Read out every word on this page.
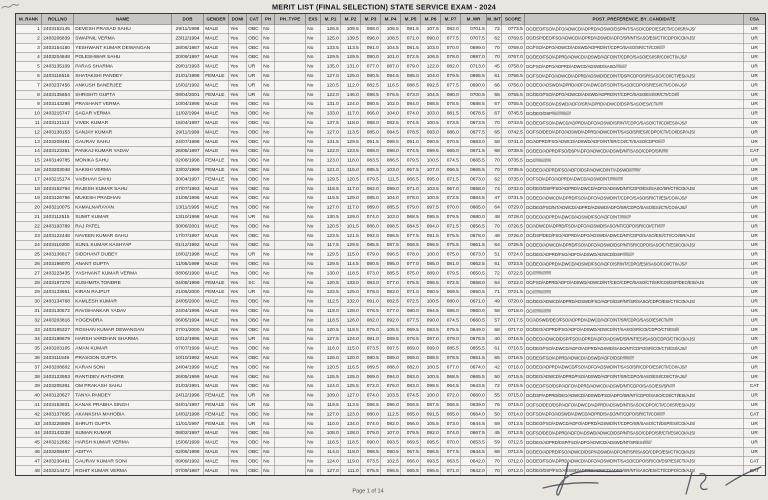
MERIT LIST (FINAL SELECTION) STATE SERVICE EXAM - 2024
M_RANK	ROLLNO	NAME	DOB	GENDER	DOMI	CAT	PH	PH_TYPE	EXS	M_P1	M_P2	M_P3	M_P4	M_P5	M_P6	M_P7	M_WR	M_INT	SCORE	POST_PREFERENCE_BY_CANDIDATE	CSA
1	2403152145	DEVESH PRASAD SAHU	29/11/1998	MALE	Yes	OBC	No		No	126.5	109.5	088.0	106.5	081.5	107.5	082.0	0701.5	72	0773.5	DC/DEO/FSO/ADFO/ADWCD/ADPRD/ADSWO/DSP/NT/SASO/CDPO/ESI/CTI/COI/SR/AJS/	UR
2	2403206839	SWAPNIL VERMA	23/12/1994	MALE	Yes	OBC	No		No	125.0	139.5	096.0	108.5	071.0	090.0	077.5	0707.5	62	0769.5	DC/DSP/DEO/FSO/ADWCD/ADPRD/ADSWD/ADFO/SR/NT/SASO/ESI/CTI/CDPO/COI/AJS/	UR
3	2403154180	YESHWANT KUMAR DEWANGAN	28/06/1987	MALE	Yes	OBC	No		No	133.5	113.5	091.0	104.5	081.5	103.0	070.0	0699.0	70	0769.0	DC/FSO/ADFO/ADWCD/ADSWD/ADPRD/NT/CDPO/SASO/SR/CTI/COI//////	UR
4	2403204848	POLESHWAR SAHU	20/09/1997	MALE	Yes	OBC	No		No	129.5	129.5	080.0	101.0	072.5	106.5	078.0	0697.0	70	0767.0	DC/DEO/FSO/ADPRD/ADWCD/ADSWD/ADFO/NT/CDPO/SASO/ESI/SR/COI/CTI/AJS//	UR
5	2403135109	PARAS SHARMA	29/01/1993	MALE	Yes	UR	No		No	135.0	131.0	077.0	087.0	079.0	122.0	082.0	0713.0	45	0758.0	DC/FSO/ADFO/ADPRD/ADWCD/ADSWD/SASO//////////	UR
6	2403116516	SHATAKSHI PANDEY	21/01/1998	FEMALE	Yes	UR	No		No	127.0	125.0	080.5	094.5	085.0	104.0	079.5	0695.5	61	0756.5	DC/FSO/ADFO/ADWCD/ADPRD/ADSWD/DEO/NT/DSP/CDPO/SR/SASO/COI/CTI/ESI/AJS/	UR
7	2403237456	ANKUSH BANERJEE	15/02/1992	MALE	Yes	UR	No		No	120.5	112.0	082.5	116.5	088.5	092.5	077.5	0690.0	66	0756.0	DC/DEO/ADSWD/ADPRD/ADFO/ADWCD/FSO/NT/SASO/CDPO/SR/ESI/CTI/COI/AJS//	UR
8	2403135654	SHRISHTI GUPTA	09/04/2001	FEMALE	Yes	UR	No		No	122.0	146.0	098.5	076.5	073.0	104.5	080.0	0700.5	55	0755.5	DC/DEO/FSO/ADFO/ADWCD/ADSWD/ADPRD/NT/CDPO/SASO/ESI/SR/CTI/COI///	UR
9	2403143298	PRASHANT VERMA	10/04/1998	MALE	Yes	OBC	No		No	131.0	124.0	080.5	102.0	084.0	088.5	078.5	0688.5	67	0755.5	DC/DEO/FSO/ADSWD/ADFO/SR/ADPRD/ADWCD/DSP/SASO/ESI/CTI/////	UR
10	2403215747	SAGAR VERMA	11/02/1994	MALE	Yes	OBC	No		No	133.0	117.0	066.0	104.0	074.0	103.0	081.5	0678.5	67	0745.5	DC/DEO/DSP/////////////////	UR
11	2403121113	VIVEK KUMAR	15/04/1997	MALE	Yes	OBC	No		No	137.5	118.0	088.0	082.5	074.5	100.5	073.5	0673.5	70	0743.5	DC/DEO/FSO/ADWCD/ADPRD/ADFO/ADSWD/SR/NT/CDPO/SASO/CTI/COI/ESI/AJS//	UR
12	2403138153	SANJAY KUMAR	29/11/1999	MALE	Yes	OBC	No		No	127.0	113.5	085.0	094.5	078.5	093.0	086.0	0677.5	65	0742.5	DC/FSO/DEO/ADFO/ADSWD/ADPRD/ADWCD/NT/SASO/SR/ESI/CDPO/CTI/COI/DSP/AJS/	UR
13	2403208491	GAURAV SAHU	24/07/1998	MALE	Yes	OBC	No		No	131.5	129.5	091.5	098.5	091.0	090.5	070.5	0683.0	58	0741.0	DC/ADPRD/FSO/ADWCD/ADSWD/ADFO/NT/SR/COI/CTI/SASO/CDPO//////	UR
14	2403123351	PANKAJ KUMAR YADAV	26/05/1997	MALE	Yes	OBC	No		No	122.0	123.5	089.0	098.0	074.5	099.5	065.0	0671.5	68	0739.5	DC/DEO/ADPRD/FSO/DSP/ADFO/ADWCD/ADSWD/NT/SASO/CDPO/SR//////	CAT
15	2403149785	MONIKA SAHU	02/08/1998	FEMALE	Yes	OBC	No		No	123.0	118.0	083.5	086.5	079.5	100.5	074.5	0665.5	70	0735.5	DC/////////////////	UR
16	2403203048	SAKSHI VERMA	23/02/1999	FEMALE	Yes	OBC	No		No	121.0	115.0	085.5	103.0	067.5	107.0	066.5	0665.5	70	0735.5	DC/DEO/ADPRD/FSO/ADFO/DSP/ADWCD/NT/ADSWD//////////	UR
17	2403215174	VAIBHAVI SAHU	30/04/1997	FEMALE	Yes	OBC	No		No	129.5	120.5	079.5	111.5	066.5	095.0	071.5	0673.0	62	0735.0	DC/FSO/ADFO/ADPRD/ADWCD/ADSWD/NT////////////	UR
18	2403152794	RAJESH KUMAR SAHU	27/07/1993	MALE	Yes	OBC	No		No	118.5	117.0	082.0	099.0	071.0	103.5	067.0	0658.0	74	0732.0	DC/DEO/DSP/FSO/ADPRD/ADWCD/ADFO/ADSWD/NT/CDPO/ESI/SASO/SR/CTI/COI/AJS/	UR
19	2403126796	MUKESH PRADHAN	21/06/1996	MALE	Yes	OBC	No		No	115.5	129.0	085.0	104.0	078.0	100.5	072.5	0684.5	47	0731.5	DC/DEO/ADWCD/ADPRD/FSO/ADFO/ADSWD/NT/CDPO/SASO/SR/CTI/ESI/COI/AJS//	UR
20	2403210075	KAMALNARAYAN	13/11/1995	MALE	Yes	OBC	No		No	127.0	117.0	089.0	085.5	079.0	097.5	070.0	0665.0	64	0729.0	DC/DEO/FSO/NT/ADWCD/ADPRD/ADSWD/ADFO/SR/CDPO/SASO/ESI/CTI/COI/AJS//	UR
21	2403112515	SUMIT KUMAR	13/10/1998	MALE	Yes	UR	No		No	130.5	129.0	074.0	103.0	068.5	095.5	079.5	0680.0	48	0728.0	DC/DEO/ADPRD/ADWCD/ADSWD/FSO/ADFO/NT//////////	UR
22	2403193789	RAJ PATEL	30/06/2001	MALE	Yes	OBC	No		No	120.5	101.5	086.0	098.5	084.5	094.0	071.5	0656.5	70	0726.5	DC/ADWCD/ADPRD/FSO/ADFO/ADSWD/SASO/NT/CDPO/SR/COI/CTI//////	UR
23	2403122448	NAVEEN KUMAR SAHU	17/07/1997	MALE	Yes	OBC	No		No	123.5	121.5	092.0	096.5	077.5	091.5	075.5	0678.0	48	0726.0	DC/DSP/DEO/FSO/ADPRD/ADFO/ADSWD/ADWCD/NT/CDPO/SASO/ESI/CTI/COI/SR/AJS/	UR
24	2403110200	SUNIL KUMAR KASHYAP	01/12/1992	MALE	Yes	OBC	No		No	117.5	129.5	085.5	087.5	069.5	096.5	075.5	0661.5	64	0725.5	DC/DEO/ADWCD/ADPRD/FSO/ADFO/ADSWD/DSP/NT/SR/CDPO/SASO/CTI/ESI/COI/AJS/	UR
25	2403136817	SIDDHANT DUBEY	18/02/1998	MALE	Yes	UR	No		No	129.5	115.0	079.0	096.5	078.0	100.0	075.0	0673.0	51	0724.0	DC/DEO/ADPRD/FSO/ADFO/ADSWD/ADWCD/DSP//////////	UR
26	2403196070	ANANT GUPTA	11/05/1999	MALE	Yes	OBC	No		No	129.5	114.5	080.5	095.0	077.0	085.0	081.0	0662.5	61	0723.5	DC/DEO/ADPRD/ADWCD/ADSWD/FSO/ADFO/SR/NT/CDPO/ESI/SASO/COI/CTI/AJS//	UR
27	2403223435	YASHVANT KUMAR VERMA	08/06/1990	MALE	Yes	OBC	No		No	130.0	118.5	073.0	085.5	075.0	089.0	079.5	0650.5	72	0722.5	DC/////////////////	UR
28	2403197376	SUSHMITA TONDRE	04/08/1999	FEMALE	Yes	SC	No		No	120.5	133.0	083.0	077.0	075.5	096.5	072.5	0658.0	64	0722.0	DC/FSO/ADPRD/ADFO/ADSWD/ADWCD/NT/CEO/CDPO/SASO/CTI/SR/COI/DSP/DEO/ESI/AJS	UR
29	2403133651	KIRAN RAJPUT	21/06/2000	FEMALE	Yes	UR	No		No	133.5	125.0	078.0	083.0	071.0	090.5	069.5	0650.5	71	0721.5	DC/////////////////	UR
30	2403134768	KAMLESH KUMAR	24/05/2000	MALE	Yes	OBC	No		No	112.5	132.0	091.0	082.5	072.5	100.5	080.0	0671.0	49	0720.0	DC/DEO/ADWCD/ADPRD/ADSWD/FSO/ADFO/DSP/NT/SR/SASO/CDPO/ESI/CTI/COI/AJS/	UR
31	2403130572	RAVISHANKAR YADAV	24/04/1996	MALE	Yes	OBC	No		No	118.0	128.0	076.5	077.0	080.0	094.5	086.0	0660.0	58	0718.0	DC/////////////////	UR
32	2403203816	YOGENDRA	06/05/1994	MALE	Yes	OBC	No		No	118.5	126.0	082.0	092.0	077.5	090.0	074.5	0660.5	57	0717.5	DC/ADSWD/DEO/FSO/ADPRD/ADWCD/ADFO/NT/SR/CDPO/SASO/ESI/CTI/////	UR
33	2403195327	ROSHAN KUMAR DEWANGAN	27/01/2000	MALE	Yes	OBC	No		No	120.5	118.5	076.0	105.5	069.5	083.5	075.5	0649.0	68	0717.0	DC/DEO/ADPRD/FSO/ADFO/ADSWD/ADWCD/NT/SASO/SR/COI/CDPO/CTI/ESI///	UR
34	2403188679	HARSH VARDHAN SHARMA	10/12/1995	MALE	Yes	UR	No		No	127.5	124.0	081.0	089.5	078.5	097.0	079.0	0676.5	40	0716.5	DC/DEO/ADWCD/DSP/FSO/ADPRD/ADFO/ADSWD/SR/NT/ESI/SASO/CDPO/CTI/COI/AJS/	UR
35	2403203105	AMAN KUMAR	07/07/1999	MALE	Yes	OBC	No		No	116.0	115.0	073.5	097.5	069.0	099.0	085.5	0655.5	61	0716.5	DC/DEO/FSO/ADWCD/ADFO/ADPRD/ADSWD/SASO/NT/CDPO/SR/COI/CTI/ESI/AJS//	UR
36	2403111549	PRASOON GUPTA	10/10/1992	MALE	Yes	OBC	No		No	126.0	120.0	080.5	089.0	069.0	088.5	078.5	0651.5	65	0716.5	DC/DEO/FSO/ADPRD/ADWCD/ADSWD/ADFO/DSP//////////	UR
37	2403208602	KARAN SONI	24/04/1999	MALE	Yes	OBC	No		No	120.5	116.5	089.5	088.0	082.0	100.5	077.0	0674.0	42	0716.0	DC/DEO/ADPRD/ADWCD/FSO/ADFO/ADSWD/NT/SASO/SR/CDPO/ESI/CTI/COI/AJS//	UR
38	2403123953	RANTIDEV RATHORE	26/05/1999	MALE	Yes	OBC	No		No	125.5	125.0	069.0	094.0	083.0	100.5	068.5	0665.5	50	0715.5	DC/DEO/ADWCD/ADPRD/FSO/ADSWD/ADFO/NT/SR/CDPO/SASO/ESI/COI/CTI/AJS//	UR
39	2403205391	OM PRAKASH SAHU	21/03/1991	MALE	Yes	OBC	No		No	124.0	125.5	072.0	076.0	083.0	098.5	064.5	0643.5	72	0715.5	DC/DEO/FSO/DSP/ADFO/ADPRD/ADWCD/ADSWD/NT/CDPO/SASO/ESI/SR/////	CAT
40	2403120627	TANYA PANDEY	24/12/1996	FEMALE	Yes	UR	No		No	109.0	127.0	074.0	103.5	074.5	100.0	072.0	0660.0	55	0715.0	DC/DSP/ADPRD/DEO/ADWCD/ADSWD/FSO/ADFO/SR/NT/CDPO/SASO/COI/CTI/ESI/AJS/	UR
41	2403153931	KANAK PRABHA SINGH	04/01/1997	FEMALE	Yes	UR	No		No	119.5	113.5	086.5	096.0	069.5	087.5	066.5	0639.0	76	0715.0	DC/FSO/DEO/DSP/ADFO/ADWCD/ADPRD/ADSWD/NT/SASO/CDPO/CTI/COI/SR/ESI/AJS/	UR
42	2403137695	AKANKSHA MAHOBIA	14/02/1998	FEMALE	Yes	OBC	No		No	127.0	123.0	080.0	112.5	065.0	091.5	065.0	0664.0	50	0714.0	DC/FSO/ADFO/ADSWD/ADWCD/ADPRD/SASO/NT/CDPO/SR/CTI/COI//////	CAT
43	2403226909	SHRUTI GUPTA	11/01/1997	FEMALE	Yes	UR	No		No	110.0	134.0	074.0	082.0	066.0	105.5	073.0	0644.5	69	0713.5	DC/DEO/FSO/ADWCD/ADFO/ADPRD/ADSWD/NT/CDPO/SR/SASO/CTI/DSP/ESI/COI/AJS/	UR
44	2403143238	SUMAN KUMAR	08/02/1997	MALE	Yes	OBC	No		No	108.0	128.0	079.0	107.0	079.5	092.0	074.0	0667.5	45	0712.5	DC/FSO/DEO/ADPRD/ADFO/ADSWD/ADWCD/DSP/NT/SASO/CDPO/SR/CTI/ESI/COI/AJS/	UR
45	2403212682	HARSH KUMAR VERMA	15/06/1999	MALE	Yes	OBC	No		No	116.5	118.5	090.0	093.5	069.5	095.5	070.0	0653.5	59	0712.5	DC/DEO/ADPRD/DSP/FSO/ADFO/ADWCD/ADSWD/NT/SR/ESI///////	UR
46	2403208497	ADITYA	02/06/1998	MALE	Yes	OBC	No		No	114.0	118.0	088.5	090.5	067.5	096.5	077.5	0644.5	68	0712.5	DC/DEO/ADPRD/FSO/ADWCD/DSP/ADSWD/ADFO/NT/SR/SASO/CDPO/ESI/CTI/COI/AJS/	UR
47	2403236491	GAURAV KUMAR SONI	09/09/1992	MALE	Yes	OBC	No		No	124.0	119.0	073.5	102.5	066.0	093.5	063.5	0642.0	70	0712.0	DC/DEO/FSO/ADPRD/ADWCD/ADFO/ADSWD/NT/SASO/CDPO/SR/COI/DSP/ESI/CTI/AJS/	CAT
48	2403214472	ROHIT KUMAR VERMA	07/09/1987	MALE	Yes	OBC	No		No	127.0	111.0	075.5	096.5	065.5	095.5	071.0	0642.0	70	0712.0	DC/DEO/DSP/FSO/ADSWD/ADPRD/ADWCD/ADFO/SR/NT/SASO/ESI/CTI/CDPO/COI/AJS/	CAT
Page 1 of 14
